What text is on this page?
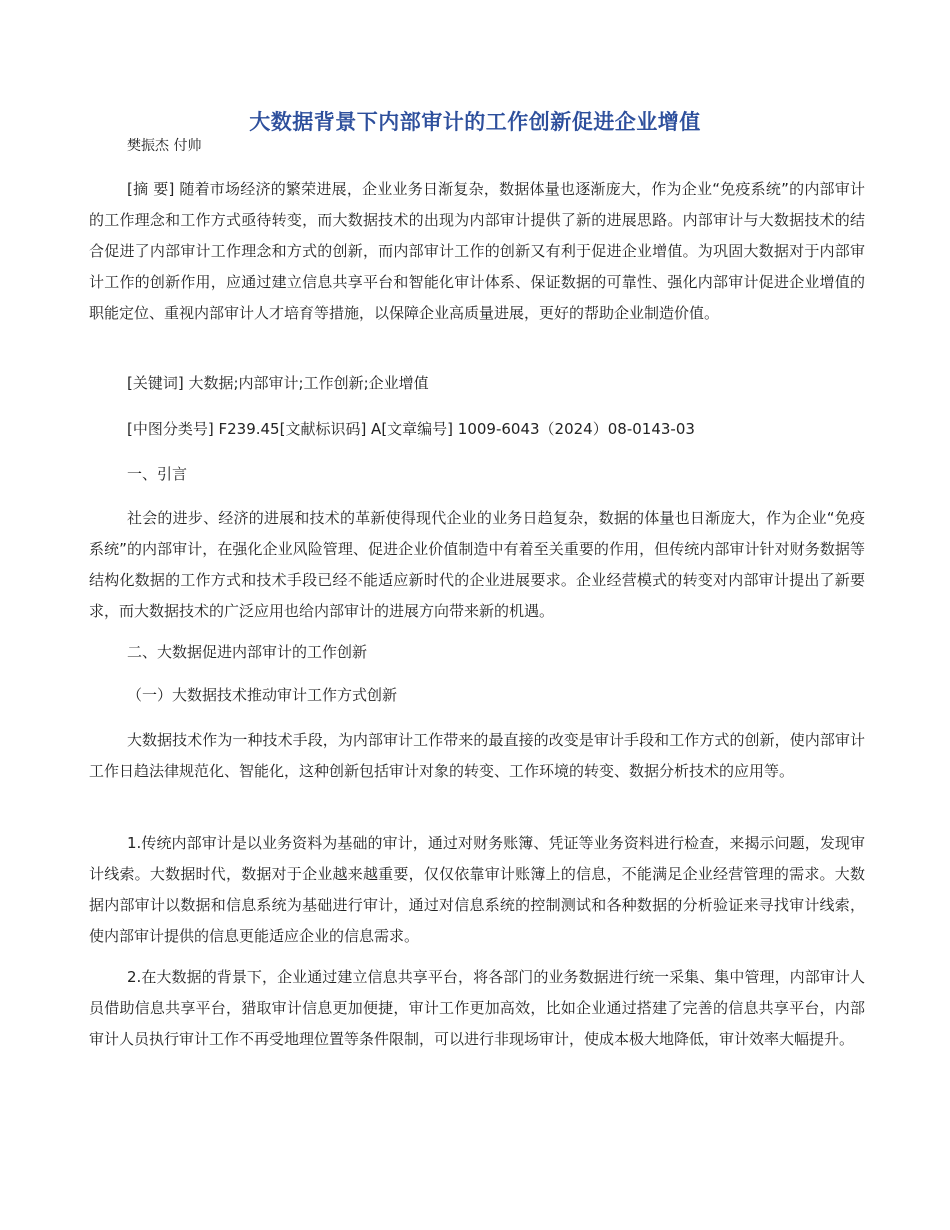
大数据背景下内部审计的工作创新促进企业增值
樊振杰 付帅

[摘 要] 随着市场经济的繁荣进展，企业业务日渐复杂，数据体量也逐渐庞大，作为企业“免疫系统”的内部审计的工作理念和工作方式亟待转变，而大数据技术的出现为内部审计提供了新的进展思路。内部审计与大数据技术的结合促进了内部审计工作理念和方式的创新，而内部审计工作的创新又有利于促进企业增值。为巩固大数据对于内部审计工作的创新作用，应通过建立信息共享平台和智能化审计体系、保证数据的可靠性、强化内部审计促进企业增值的职能定位、重视内部审计人才培育等措施，以保障企业高质量进展，更好的帮助企业制造价值。

[关键词] 大数据;内部审计;工作创新;企业增值
[中图分类号] F239.45[文献标识码] A[文章编号] 1009-6043（2024）08-0143-03
一、引言

社会的进步、经济的进展和技术的革新使得现代企业的业务日趋复杂，数据的体量也日渐庞大，作为企业“免疫系统”的内部审计，在强化企业风险管理、促进企业价值制造中有着至关重要的作用，但传统内部审计针对财务数据等结构化数据的工作方式和技术手段已经不能适应新时代的企业进展要求。企业经营模式的转变对内部审计提出了新要求，而大数据技术的广泛应用也给内部审计的进展方向带来新的机遇。

二、大数据促进内部审计的工作创新
（一）大数据技术推动审计工作方式创新

大数据技术作为一种技术手段，为内部审计工作带来的最直接的改变是审计手段和工作方式的创新，使内部审计工作日趋法律规范化、智能化，这种创新包括审计对象的转变、工作环境的转变、数据分析技术的应用等。

1.传统内部审计是以业务资料为基础的审计，通过对财务账簿、凭证等业务资料进行检查，来揭示问题，发现审计线索。大数据时代，数据对于企业越来越重要，仅仅依靠审计账簿上的信息，不能满足企业经营管理的需求。大数据内部审计以数据和信息系统为基础进行审计，通过对信息系统的控制测试和各种数据的分析验证来寻找审计线索，使内部审计提供的信息更能适应企业的信息需求。

2.在大数据的背景下，企业通过建立信息共享平台，将各部门的业务数据进行统一采集、集中管理，内部审计人员借助信息共享平台，猎取审计信息更加便捷，审计工作更加高效，比如企业通过搭建了完善的信息共享平台，内部审计人员执行审计工作不再受地理位置等条件限制，可以进行非现场审计，使成本极大地降低，审计效率大幅提升。
